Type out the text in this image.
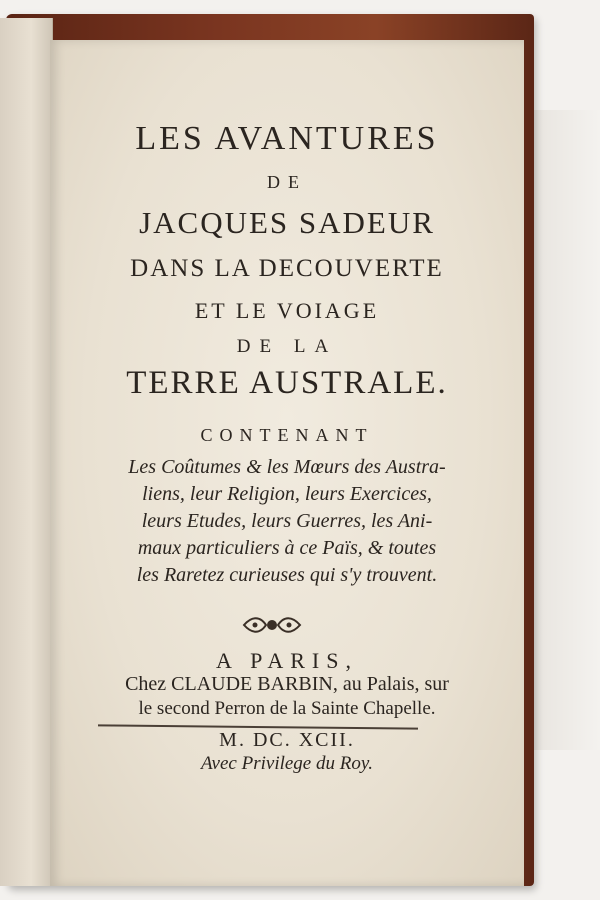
LES AVANTURES
DE
JACQUES SADEUR
DANS LA DECOUVERTE
ET LE VOIAGE
DE LA
TERRE AUSTRALE.
CONTENANT
Les Coûtumes & les Mœurs des Austra-
liens, leur Religion, leurs Exercices,
leurs Etudes, leurs Guerres, les Ani-
maux particuliers à ce Païs, & toutes
les Raretez curieuses qui s'y trouvent.
A PARIS,
Chez CLAUDE BARBIN, au Palais, sur
le second Perron de la Sainte Chapelle.
M. DC. XCII.
Avec Privilege du Roy.
